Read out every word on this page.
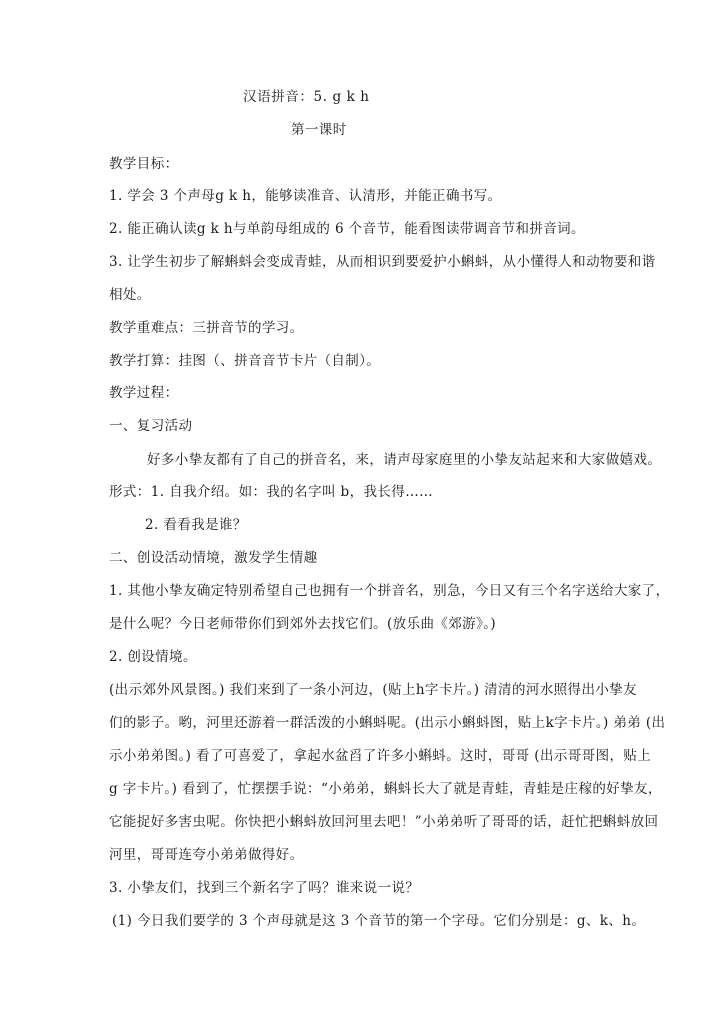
汉语拼音：5. g k h
第一课时
教学目标：
1. 学会 3 个声母g k h，能够读准音、认清形，并能正确书写。
2. 能正确认读g k h与单韵母组成的 6 个音节，能看图读带调音节和拼音词。
3. 让学生初步了解蝌蚪会变成青蛙，从而相识到要爱护小蝌蚪，从小懂得人和动物要和谐
相处。
教学重难点：三拼音节的学习。
教学打算：挂图（、拼音音节卡片（自制）。
教学过程：
一、复习活动
好多小挚友都有了自己的拼音名，来，请声母家庭里的小挚友站起来和大家做嬉戏。
形式：1. 自我介绍。如：我的名字叫 b，我长得……
2. 看看我是谁？
二、创设活动情境，激发学生情趣
1. 其他小挚友确定特别希望自己也拥有一个拼音名，别急，今日又有三个名字送给大家了，
是什么呢？今日老师带你们到郊外去找它们。(放乐曲《郊游》。)
2. 创设情境。
(出示郊外风景图。) 我们来到了一条小河边，(贴上h字卡片。) 清清的河水照得出小挚友
们的影子。哟，河里还游着一群活泼的小蝌蚪呢。(出示小蝌蚪图，贴上k字卡片。) 弟弟 (出
示小弟弟图。) 看了可喜爱了，拿起水盆舀了许多小蝌蚪。这时，哥哥 (出示哥哥图，贴上
g 字卡片。) 看到了，忙摆摆手说：“小弟弟，蝌蚪长大了就是青蛙，青蛙是庄稼的好挚友，
它能捉好多害虫呢。你快把小蝌蚪放回河里去吧！”小弟弟听了哥哥的话，赶忙把蝌蚪放回
河里，哥哥连夸小弟弟做得好。
3. 小挚友们，找到三个新名字了吗？谁来说一说？
(1) 今日我们要学的 3 个声母就是这 3 个音节的第一个字母。它们分别是：g、k、h。
